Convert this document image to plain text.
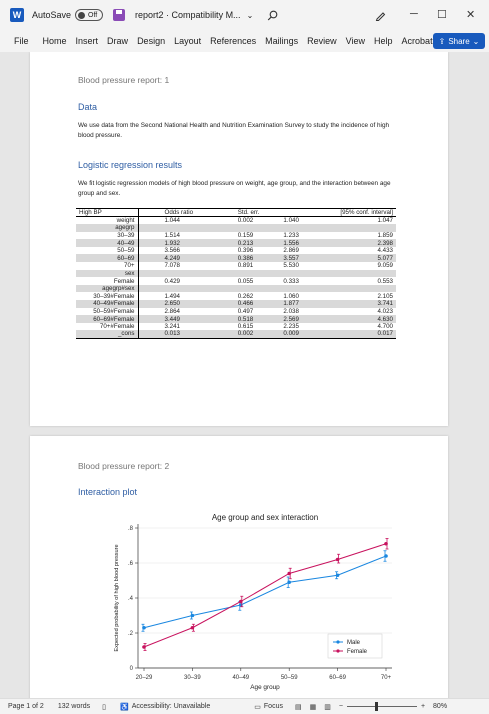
W	AutoSave Off	report2 · Compatibility M... ⌄	─ ☐ ✕
File Home Insert Draw Design Layout References Mailings Review View Help Acrobat ⇪ Share ⌄
Blood pressure report: 1
Data
We use data from the Second National Health and Nutrition Examination Survey to study the incidence of high blood pressure.
Logistic regression results
We fit logistic regression models of high blood pressure on weight, age group, and the interaction between age group and sex.
High BP	Odds ratio	Std. err.		[95% conf. interval]
weight	1.044	0.002	1.040	1.047
agegrp				
30–39	1.514	0.159	1.233	1.859
40–49	1.932	0.213	1.556	2.398
50–59	3.566	0.396	2.869	4.433
60–69	4.249	0.386	3.557	5.077
70+	7.078	0.891	5.530	9.059
sex				
Female	0.429	0.055	0.333	0.553
agegrp#sex				
30–39#Female	1.494	0.262	1.060	2.105
40–49#Female	2.650	0.466	1.877	3.741
50–59#Female	2.864	0.497	2.038	4.023
60–69#Female	3.449	0.518	2.569	4.630
70+#Female	3.241	0.615	2.235	4.700
_cons	0.013	0.002	0.009	0.017
Blood pressure report: 2
Interaction plot
Age group and sex interaction
0
.2
.4
.6
.8
20–29	30–39	40–49	50–59	60–69	70+
Age group
Expected probability of high blood pressure	Male
Female
Page 1 of 2 132 words ▯ ♿ Accessibility: Unavailable	▭ Focus ▤ ▦ ▥ −	+ 80%
